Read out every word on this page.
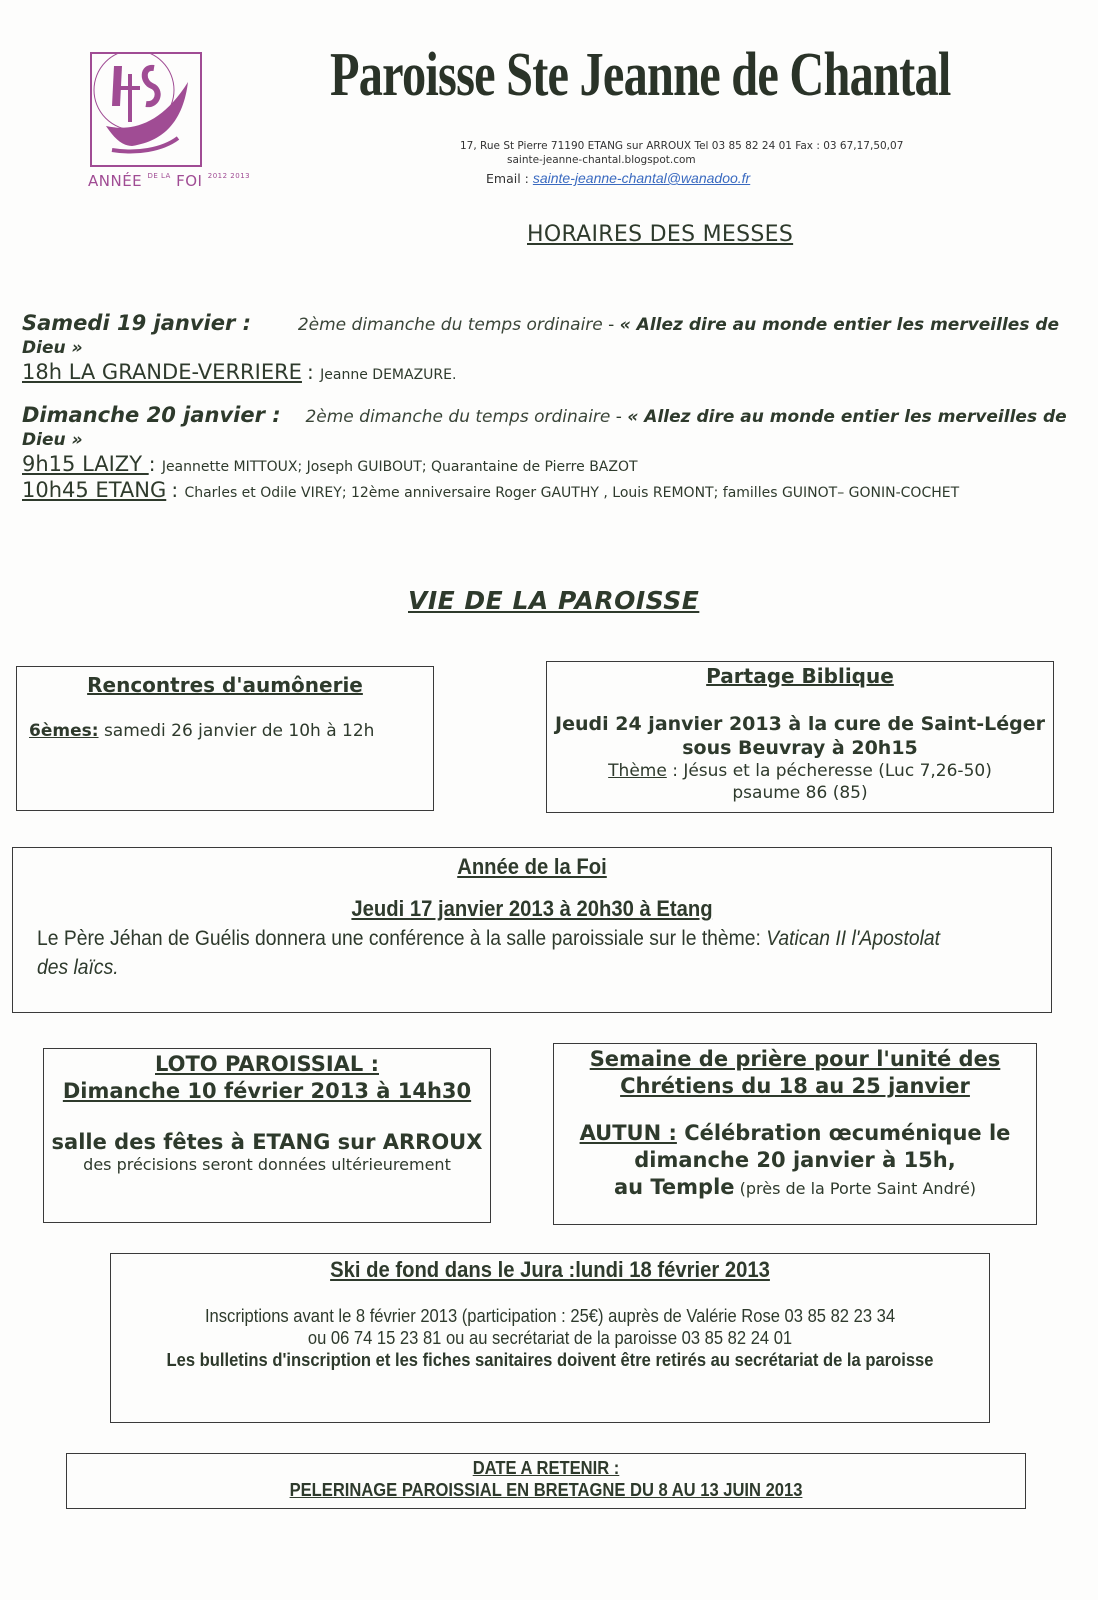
ANNÉE DE LA FOI 2012 2013
Paroisse Ste Jeanne de Chantal
17, Rue St Pierre 71190 ETANG sur ARROUX Tel 03 85 82 24 01 Fax : 03 67,17,50,07
sainte-jeanne-chantal.blogspot.com
Email : sainte-jeanne-chantal@wanadoo.fr
HORAIRES DES MESSES
Samedi 19 janvier :	2ème dimanche du temps ordinaire - « Allez dire au monde entier les merveilles de Dieu »
18h LA GRANDE-VERRIERE : Jeanne DEMAZURE.
Dimanche 20 janvier : 2ème dimanche du temps ordinaire - « Allez dire au monde entier les merveilles de Dieu »
9h15 LAIZY : Jeannette MITTOUX; Joseph GUIBOUT; Quarantaine de Pierre BAZOT
10h45 ETANG : Charles et Odile VIREY; 12ème anniversaire Roger GAUTHY , Louis REMONT; familles GUINOT– GONIN-COCHET
VIE DE LA PAROISSE
Rencontres d'aumônerie
6èmes: samedi 26 janvier de 10h à 12h
Partage Biblique
Jeudi 24 janvier 2013 à la cure de Saint-Léger
sous Beuvray à 20h15
Thème : Jésus et la pécheresse (Luc 7,26-50)
psaume 86 (85)
Année de la Foi
Jeudi 17 janvier 2013 à 20h30 à Etang
Le Père Jéhan de Guélis donnera une conférence à la salle paroissiale sur le thème: Vatican II l'Apostolat des laïcs.
LOTO PAROISSIAL :
Dimanche 10 février 2013 à 14h30
salle des fêtes à ETANG sur ARROUX
des précisions seront données ultérieurement
Semaine de prière pour l'unité des
Chrétiens du 18 au 25 janvier
AUTUN : Célébration œcuménique le
dimanche 20 janvier à 15h,
au Temple (près de la Porte Saint André)
Ski de fond dans le Jura :lundi 18 février 2013
Inscriptions avant le 8 février 2013 (participation : 25€) auprès de Valérie Rose 03 85 82 23 34
ou 06 74 15 23 81 ou au secrétariat de la paroisse 03 85 82 24 01
Les bulletins d'inscription et les fiches sanitaires doivent être retirés au secrétariat de la paroisse
DATE A RETENIR :
PELERINAGE PAROISSIAL EN BRETAGNE DU 8 AU 13 JUIN 2013
